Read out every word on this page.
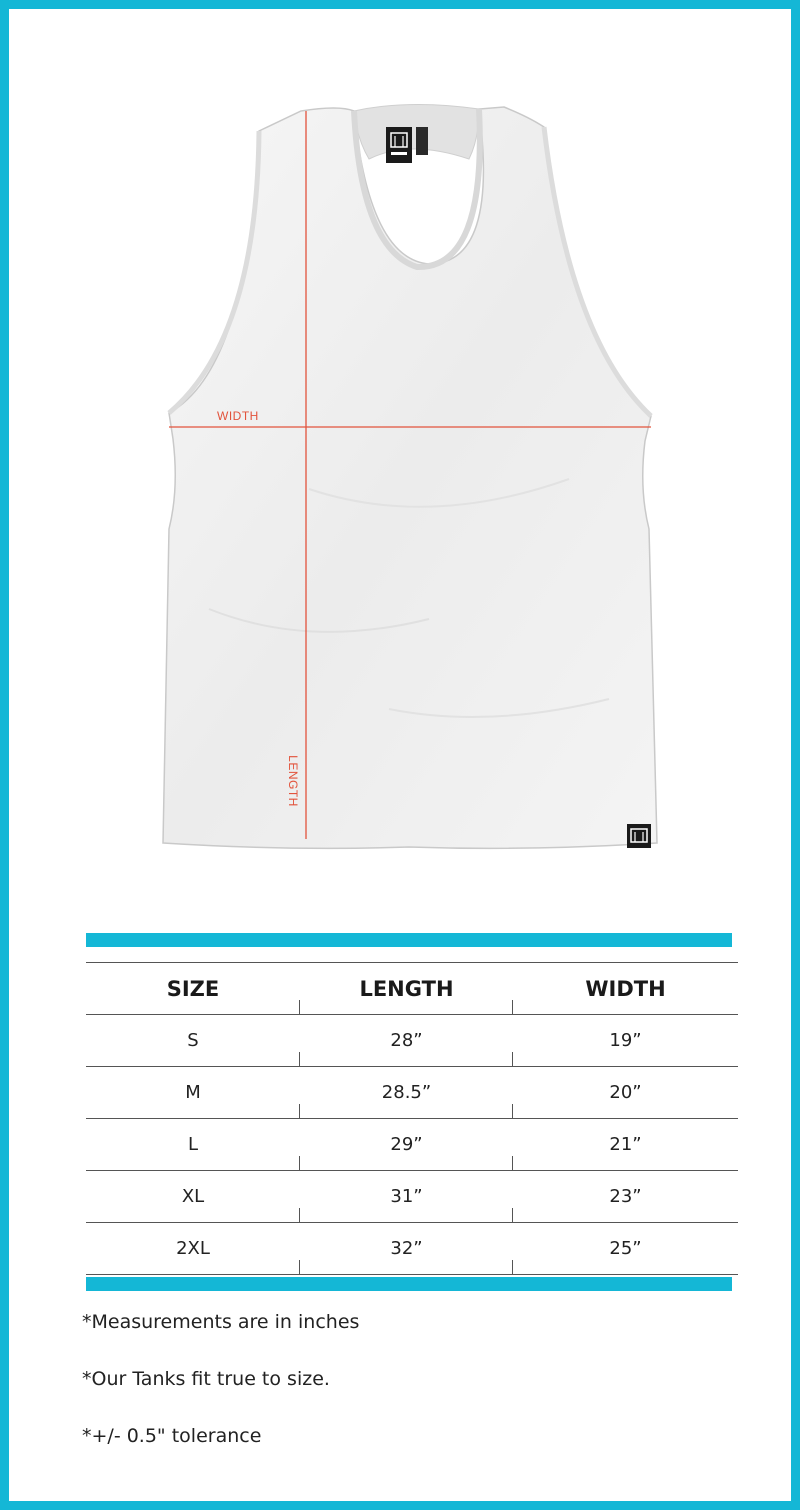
WIDTH
LENGTH
SIZE	LENGTH	WIDTH
S	28”	19”
M	28.5”	20”
L	29”	21”
XL	31”	23”
2XL	32”	25”
*Measurements are in inches
*Our Tanks fit true to size.
*+/- 0.5" tolerance
